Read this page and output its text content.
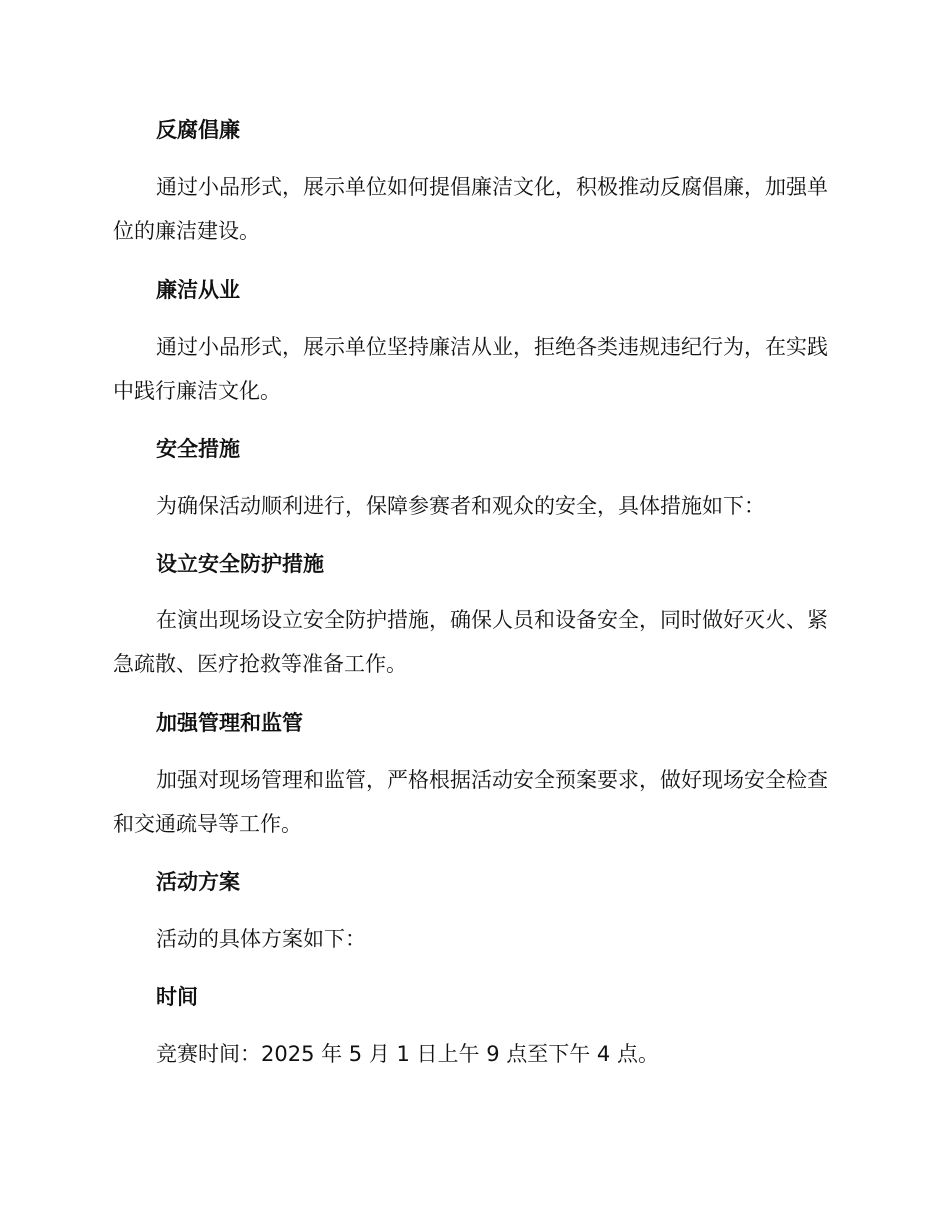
反腐倡廉

通过小品形式，展示单位如何提倡廉洁文化，积极推动反腐倡廉，加强单位的廉洁建设。

廉洁从业

通过小品形式，展示单位坚持廉洁从业，拒绝各类违规违纪行为，在实践中践行廉洁文化。

安全措施

为确保活动顺利进行，保障参赛者和观众的安全，具体措施如下：

设立安全防护措施

在演出现场设立安全防护措施，确保人员和设备安全，同时做好灭火、紧急疏散、医疗抢救等准备工作。

加强管理和监管

加强对现场管理和监管，严格根据活动安全预案要求，做好现场安全检查和交通疏导等工作。

活动方案

活动的具体方案如下：

时间

竞赛时间：2025 年 5 月 1 日上午 9 点至下午 4 点。
